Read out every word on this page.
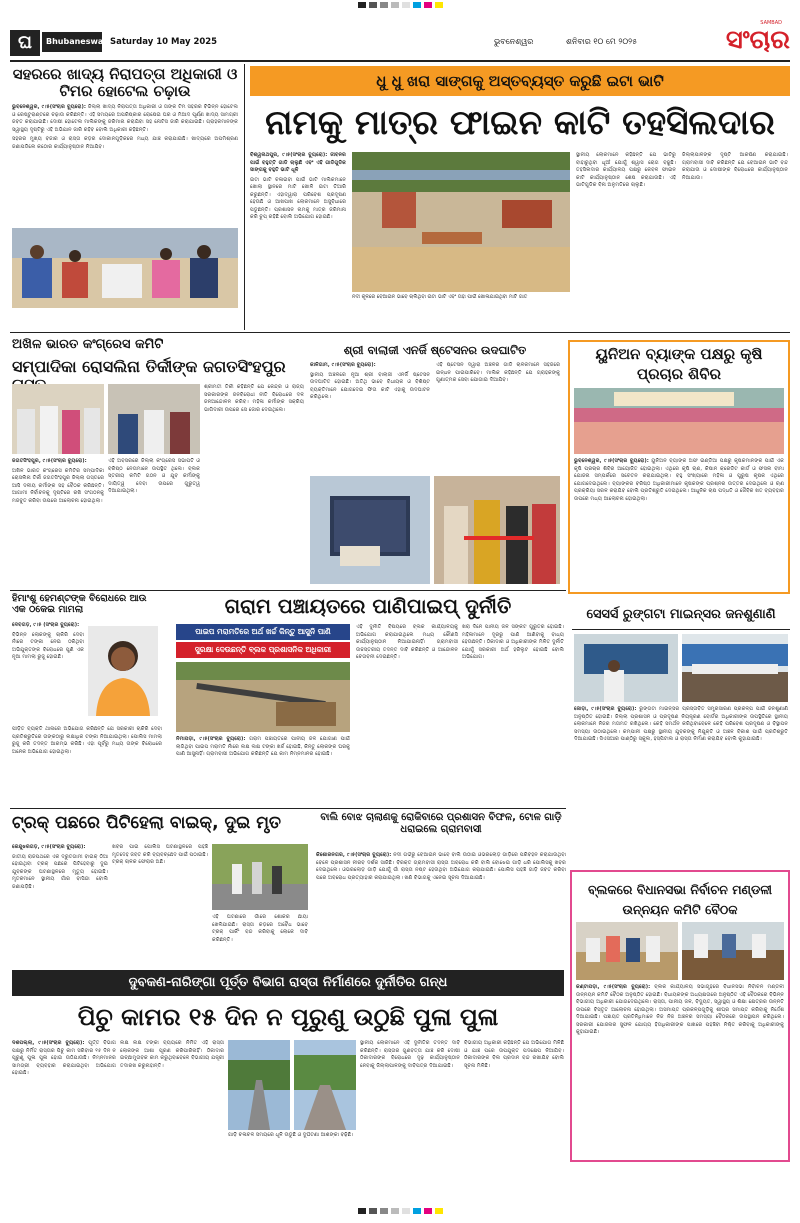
ଘ	Bhubaneswar Saturday 10 May 2025	ଭୁବନେଶ୍ୱର	ଶନିବାର ୧୦ ମେ ୨୦୨୫
SAMBAD
ସଂଚାର
ସହରରେ ଖାଦ୍ୟ ନିରାପତ୍ତା ଅଧିକାରୀ ଓ ଟିମର ହୋଟେଲ ଚଢ଼ାଉ

ଭୁବନେଶ୍ୱର, ୯।୫(ସଂଚାର ବ୍ୟୁରୋ): ଜିଲ୍ଲା ଖାଦ୍ୟ ନିରାପତ୍ତା ଅଧିକାରୀ ଓ ତାଙ୍କ ଟିମ ସହରର ବିଭିନ୍ନ ହୋଟେଲ ଓ ରେଷ୍ଟୁରାଣ୍ଟରେ ଚଢ଼ାଉ କରିଛନ୍ତି। ଏହି ସମୟରେ ଅପରିଷ୍କାର ରୋଷେଇ ଘର ଓ ମିଆଦ ପୂର୍ଣ୍ଣ ଖାଦ୍ୟ ସାମଗ୍ରୀ ଜବତ କରାଯାଇଛି। ଦୋଷୀ ହୋଟେଲ ମାଲିକଙ୍କୁ ଜରିମାନା କରାଯିବା ସହ ନୋଟିସ ଜାରି କରାଯାଇଛି। ଗ୍ରାହକମାନଙ୍କ ସ୍ୱାସ୍ଥ୍ୟ ଦୃଷ୍ଟିରୁ ଏହି ଅଭିଯାନ ଜାରି ରହିବ ବୋଲି ଅଧିକାରୀ କହିଛନ୍ତି।

ସହରର ମୁଖ୍ୟ ବଜାର ଓ ରାସ୍ତା କଡ଼ର ଦୋକାନଗୁଡ଼ିକରେ ମଧ୍ୟ ଯାଞ୍ଚ କରାଯାଇଛି। ଖାଦ୍ୟରେ ଅପମିଶ୍ରଣ ଜଣାପଡିଲେ କଠୋର କାର୍ଯ୍ୟାନୁଷ୍ଠାନ ନିଆଯିବ।

ଧୁ ଧୁ ଖରା ସାଙ୍ଗକୁ ଅସ୍ତବ୍ୟସ୍ତ କରୁଛି ଇଟା ଭାଟି
ନାମକୁ ମାତ୍ର ଫାଇନ କାଟି ତହସିଲଦାର

ବିଶ୍ୱନାଥପୁର, ୯।୫(ସଂଚାର ବ୍ୟୁରୋ): ଜୀବନର ପାଇଁ ବହୁତ୍ତି ଗାଡି ଚାଲୁଛି ଏବଂ ଏହି ଗାଡିଗୁଡିକ ସାଙ୍ଗକୁ ବହୁତି ଭାଟି ଧୂଳି

ଇଟା ଭାଟି ଚଳାଇବା ପାଇଁ ଭାଟି ମାଲିକମାନେ ଖୋଲା ସ୍ଥାନରେ ମାଟି ଖୋଳି ଇଟା ତିଆରି କରୁଛନ୍ତି। ଏହାଦ୍ୱାରା ପରିବେଶ ପ୍ରଦୂଷଣ ହେଉଛି ଓ ଆଖପାଖ ଲୋକମାନେ ଅସୁବିଧାରେ ପଡୁଛନ୍ତି। ପ୍ରଶାସନ ନାମକୁ ମାତ୍ର ଜରିମାନା କରି ଚୁପ୍ ରହିଛି ବୋଲି ଅଭିଯୋଗ ହୋଇଛି।

ନଦୀ କୂଳରେ ବେଆଇନ ଭାବେ ଚାଲିଥିବା ଇଟା ଭାଟି ଏବଂ ତାହା ପାଇଁ ଖୋଳାଯାଇଥିବା ମାଟି ଗାତ
ସ୍ଥାନୀୟ ଲୋକମାନେ କହିଛନ୍ତି ଯେ ଭାଟିରୁ ବାହାରୁଥିବା ଧୂଆଁ ଯୋଗୁଁ ଶ୍ୱାସ ରୋଗ ବଢୁଛି। ତହସିଲଦାର କାର୍ଯ୍ୟାଳୟ ପକ୍ଷରୁ କେବଳ ଫାଇନ କାଟି କାର୍ଯ୍ୟାନୁଷ୍ଠାନ ଶେଷ କରାଯାଉଛି। ଏହି ଭାଟିଗୁଡିକ ବିନା ଅନୁମତିରେ ଚାଲୁଛି।
ଜିଲ୍ଲାପାଳଙ୍କ ଦୃଷ୍ଟି ଆକର୍ଷଣ କରାଯାଇଛି। ଗ୍ରାମବାସୀ ଦାବି କରିଛନ୍ତି ଯେ ବେଆଇନ ଭାଟି ବନ୍ଦ କରାଯାଉ ଓ ଦୋଷୀଙ୍କ ବିରୋଧରେ କାର୍ଯ୍ୟାନୁଷ୍ଠାନ ନିଆଯାଉ।
ଅଖିଳ ଭାରତ କଂଗ୍ରେସ କମିଟି
ସମ୍ପାଦିକା ରୋସଲିନା ତିର୍କୀଙ୍କ ଜଗତସିଂହପୁର

ଜଗତସିଂହପୁର, ୯।୫(ସଂଚାର ବ୍ୟୁରୋ):

ଅଖିଳ ଭାରତ କଂଗ୍ରେସ କମିଟିର ସମ୍ପାଦିକା ରୋସଲିନା ତିର୍କୀ ଜଗତସିଂହପୁର ଜିଲ୍ଲା ଗସ୍ତରେ ଆସି ଦଳୀୟ କର୍ମୀଙ୍କ ସହ ବୈଠକ କରିଛନ୍ତି। ଆଗାମୀ ନିର୍ବାଚନକୁ ଦୃଷ୍ଟିରେ ରଖି ସଂଗଠନକୁ ମଜବୁତ କରିବା ଉପରେ ଆଲୋଚନା ହୋଇଥିଲା।

ଏହି ଅବସରରେ ଜିଲ୍ଲା କଂଗ୍ରେସ ସଭାପତି ଓ ବରିଷ୍ଠ ନେତାମାନେ ଉପସ୍ଥିତ ଥିଲେ। ବ୍ଲକ ସ୍ତରୀୟ କମିଟି ଗଠନ ଓ ଯୁବ କର୍ମୀଙ୍କୁ ଦାୟିତ୍ୱ ଦେବା ଉପରେ ଗୁରୁତ୍ୱ ଦିଆଯାଇଥିଲା।
ଶ୍ରୀମତୀ ତିର୍କୀ କହିଛନ୍ତି ଯେ କେନ୍ଦ୍ର ଓ ରାଜ୍ୟ ସରକାରଙ୍କ ଜନବିରୋଧୀ ନୀତି ବିରୋଧରେ ଦଳ ଜନଆନ୍ଦୋଳନ କରିବ। ମହିଳା କର୍ମୀଙ୍କ ସକ୍ରିୟ ଭାଗିଦାରୀ ଉପରେ ସେ ଜୋର ଦେଇଥିଲେ।
ଶ୍ରୀ ବାଲାଜୀ ଏନର୍ଜି ଷ୍ଟେସନର ଉଦଘାଟିତ

କାଳିଗାମ, ୯।୫(ସଂଚାର ବ୍ୟୁରୋ):

ସ୍ଥାନୀୟ ଅଞ୍ଚଳରେ ନୂଆ ଶ୍ରୀ ବାଲାଜୀ ଏନର୍ଜି ଷ୍ଟେସନ ଉଦଘାଟିତ ହୋଇଛି। ଅତିଥି ଭାବେ ବିଧାୟକ ଓ ବିଶିଷ୍ଟ ବ୍ୟକ୍ତିମାନେ ଯୋଗଦେଇ ଫିତା କାଟି ଏହାକୁ ଉଦଘାଟନ କରିଥିଲେ।

ଏହି ଷ୍ଟେସନ ଦ୍ୱାରା ଅଞ୍ଚଳର ଗାଡି ଚାଳକମାନେ ସହଜରେ ଇନ୍ଧନ ପାଇପାରିବେ। ମାଲିକ କହିଛନ୍ତି ଯେ ଗ୍ରାହକଙ୍କୁ ଗୁଣାତ୍ମକ ସେବା ଯୋଗାଇ ଦିଆଯିବ।
ୟୁନିଅନ ବ୍ୟାଙ୍କ ପକ୍ଷରୁ କୃଷି ପ୍ରଚାର ଶିବିର

ଭୁବନେଶ୍ୱର, ୯।୫(ସଂଚାର ବ୍ୟୁରୋ): ୟୁନିଅନ ବ୍ୟାଙ୍କ ଅଫ ଇଣ୍ଡିଆ ପକ୍ଷରୁ କୃଷକମାନଙ୍କ ପାଇଁ ଏକ କୃଷି ପ୍ରଚାର ଶିବିର ଆୟୋଜିତ ହୋଇଥିଲା। ଏଥିରେ କୃଷି ଋଣ, କିଷାନ କ୍ରେଡିଟ କାର୍ଡ ଓ ଫସଲ ବୀମା ଯୋଜନା ସମ୍ପର୍କରେ ସଚେତନ କରାଯାଇଥିଲା। ବହୁ ସଂଖ୍ୟାରେ ମହିଳା ଓ ପୁରୁଷ କୃଷକ ଏଥିରେ ଯୋଗଦେଇଥିଲେ। ବ୍ୟାଙ୍କର ବରିଷ୍ଠ ଅଧିକାରୀମାନେ କୃଷକଙ୍କ ପ୍ରଶ୍ନର ଉତ୍ତର ଦେଇଥିଲେ ଓ ଋଣ ପ୍ରକ୍ରିୟା ସରଳ କରାଯିବ ବୋଲି ପ୍ରତିଶ୍ରୁତି ଦେଇଥିଲେ। ଆଧୁନିକ ଚାଷ ପଦ୍ଧତି ଓ ଜୈବିକ ଖତ ବ୍ୟବହାର ଉପରେ ମଧ୍ୟ ଆଲୋଚନା ହୋଇଥିଲା।

ହିମାଂଶୁ ହେମଣ୍ଟଙ୍କ ବିରୋଧରେ ଆଉ ଏକ ଠକେଇ ମାମଲା

ଦେବଗଡ଼, ୯।୫ (ସଂଚାର ବ୍ୟୁରୋ):

ବିଭିନ୍ନ ଲୋକଙ୍କୁ ଚାକିରି ଦେବା ନାଁରେ ଟଙ୍କା ନେଇ ଠକିଥିବା ଅଭିଯୁକ୍ତଙ୍କ ବିରୋଧରେ ପୁଣି ଏକ ନୂଆ ମାମଲା ରୁଜୁ ହୋଇଛି।

ପୀଡ଼ିତ ବ୍ୟକ୍ତି ଥାନାରେ ଅଭିଯୋଗ କରିଛନ୍ତି ଯେ ସରକାରୀ ଚାକିରି ଦେବା ପ୍ରତିଶ୍ରୁତିରେ ତାଙ୍କଠାରୁ ଲକ୍ଷାଧିକ ଟଙ୍କା ନିଆଯାଇଥିଲା। ପୋଲିସ ମାମଲା ରୁଜୁ କରି ତଦନ୍ତ ଆରମ୍ଭ କରିଛି। ଏହା ପୂର୍ବରୁ ମଧ୍ୟ ତାଙ୍କ ବିରୋଧରେ ଅନେକ ଅଭିଯୋଗ ହୋଇଥିଲା।
ଗରାମ ପଞ୍ଚାୟତରେ ପାଣିପାଇପ୍ ଦୁର୍ନୀତି
ପାଇପ ମରାମତିରେ ଅର୍ଥ ଖର୍ଚ୍ଚ କିନ୍ତୁ ଆସୁନି ପାଣି
ସୁରକ୍ଷା ଦେଉଛନ୍ତି ବ୍ଲକ ପ୍ରଶାସନିକ ଅଧିକାରୀ

ନିମାପଡ଼ା, ୯।୫(ସଂଚାର ବ୍ୟୁରୋ): ଗରାମ ପଞ୍ଚାୟତରେ ପାନୀୟ ଜଳ ଯୋଗାଣ ପାଇଁ ଲାଗିଥିବା ପାଇପ ମରାମତି ନାଁରେ ଲକ୍ଷ ଲକ୍ଷ ଟଙ୍କା ଖର୍ଚ୍ଚ ହୋଇଛି, କିନ୍ତୁ ଲୋକଙ୍କ ଘରକୁ ପାଣି ଆସୁନାହିଁ। ଗ୍ରାମବାସୀ ଅଭିଯୋଗ କରିଛନ୍ତି ଯେ କାମ ନିମ୍ନମାନର ହୋଇଛି।

ଏହି ଦୁର୍ନୀତି ବିଷୟରେ ବ୍ଲକ କାର୍ଯ୍ୟାଳୟକୁ ଅଭିଯୋଗ କରାଯାଇଥିଲେ ମଧ୍ୟ କୌଣସି କାର୍ଯ୍ୟାନୁଷ୍ଠାନ ନିଆଯାଇନାହିଁ। ଗ୍ରାମବାସୀ ଉଚ୍ଚସ୍ତରୀୟ ତଦନ୍ତ ଦାବି କରିଛନ୍ତି ଓ ଆନ୍ଦୋଳନ ଚେତାବନୀ ଦେଇଛନ୍ତି।
ଖରା ଦିନେ ପାନୀୟ ଜଳ ସଙ୍କଟ ଗୁରୁତର ହୋଇଛି। ମହିଳାମାନେ ଦୂରରୁ ପାଣି ଆଣିବାକୁ ବାଧ୍ୟ ହେଉଛନ୍ତି। ଠିକାଦାର ଓ ଅଧିକାରୀଙ୍କ ମିଳିତ ଦୁର୍ନୀତି ଯୋଗୁଁ ସରକାରୀ ଅର୍ଥ ହରିଲୁଟ ହୋଇଛି ବୋଲି ଅଭିଯୋଗ।
ସେସର୍ସ ରୁଙ୍ଗଟା ମାଇନ୍ସର ଜନଶୁଣାଣି

ଜୋଡ଼ା, ୯।୫(ସଂଚାର ବ୍ୟୁରୋ): ରୁଙ୍ଗଟା ମାଇନ୍ସର ପ୍ରସ୍ତାବିତ ସମ୍ପ୍ରସାରଣ ପ୍ରକଳ୍ପ ପାଇଁ ଜନଶୁଣାଣି ଅନୁଷ୍ଠିତ ହୋଇଛି। ଜିଲ୍ଲା ପ୍ରଶାସନ ଓ ପ୍ରଦୂଷଣ ନିୟନ୍ତ୍ରଣ ବୋର୍ଡର ଅଧିକାରୀଙ୍କ ଉପସ୍ଥିତିରେ ସ୍ଥାନୀୟ ଲୋକମାନେ ନିଜର ମତାମତ ରଖିଥିଲେ। କେହି ସମର୍ଥନ କରିଥିବାବେଳେ କେହି ପରିବେଶ ପ୍ରଦୂଷଣ ଓ ବିସ୍ଥାପନ ସମସ୍ୟା ଉଠାଇଥିଲେ। କମ୍ପାନୀ ପକ୍ଷରୁ ସ୍ଥାନୀୟ ଯୁବକଙ୍କୁ ନିଯୁକ୍ତି ଓ ଅଞ୍ଚଳ ବିକାଶ ପାଇଁ ପ୍ରତିଶ୍ରୁତି ଦିଆଯାଇଛି। ସିଏସଆର ପାଣ୍ଠିରୁ ସ୍କୁଲ, ହସ୍ପିଟାଲ ଓ ରାସ୍ତା ନିର୍ମାଣ କରାଯିବ ବୋଲି କୁହାଯାଇଛି।

ଟ୍ରକ୍ ପଛରେ ପିଟିହେଲା ବାଇକ୍, ଦୁଇ ମୃତ

କେନ୍ଦୁଝରଗଡ଼, ୯।୫(ସଂଚାର ବ୍ୟୁରୋ):

ଜାତୀୟ ରାଜପଥରେ ଏକ ଦ୍ରୁତଗାମୀ ବାଇକ୍ ଠିଆ ହୋଇଥିବା ଟ୍ରକ୍ ପଛରେ ପିଟିହେବାରୁ ଦୁଇ ଯୁବକଙ୍କ ଘଟଣାସ୍ଥଳରେ ମୃତ୍ୟୁ ହୋଇଛି। ମୃତକମାନେ ସ୍ଥାନୀୟ ଗାଁର ବାସିନ୍ଦା ବୋଲି ଜଣାପଡ଼ିଛି।

ଖବର ପାଇ ପୋଲିସ ଘଟଣାସ୍ଥଳରେ ପହଞ୍ଚି ମୃତଦେହ ଜବତ କରି ବ୍ୟବଚ୍ଛେଦ ପାଇଁ ପଠାଇଛି। ଟ୍ରକ୍ ଚାଳକ ଫେରାର ଅଛି।
ଏହି ଘଟଣାରେ ଗାଁରେ ଶୋକର ଛାୟା ଖେଳିଯାଇଛି। ରାସ୍ତା କଡ଼ରେ ଅବୈଧ ଭାବେ ଟ୍ରକ୍ ପାର୍କିଂ ବନ୍ଦ କରିବାକୁ ଲୋକେ ଦାବି କରିଛନ୍ତି।
ବାଲି ବୋଝ ଚାଲାଣକୁ ରୋକିବାରେ ପ୍ରଶାସନ ବିଫଳ, ଟୋଳ ଗାଡ଼ି ଧରାଇଲେ ଗ୍ରାମବାସୀ

କିଶୋରନଗର, ୯।୫(ସଂଚାର ବ୍ୟୁରୋ): ନଦୀ ଗର୍ଭରୁ ବେଆଇନ ଭାବେ ବାଲି ଉଠାଇ ଓଭରଲୋଡ଼ ଗାଡ଼ିରେ ପରିବହନ କରାଯାଉଥିବା ବେଳେ ପ୍ରଶାସନ ନୀରବ ଦର୍ଶକ ସାଜିଛି। ବିରକ୍ତ ଗ୍ରାମବାସୀ ରାସ୍ତା ଅବରୋଧ କରି ବାଲି ବୋଝେଇ ଗାଡ଼ି ଧରି ପୋଲିସକୁ ଖବର ଦେଇଥିଲେ। ଓଭରଲୋଡ଼ ଗାଡ଼ି ଯୋଗୁଁ ଗାଁ ରାସ୍ତା ନଷ୍ଟ ହେଉଥିବା ଅଭିଯୋଗ କରାଯାଇଛି। ପୋଲିସ ପହଞ୍ଚି ଗାଡ଼ି ଜବତ କରିବା ପରେ ଅବରୋଧ ପ୍ରତ୍ୟାହାର କରାଯାଇଥିଲା। ଖଣି ବିଭାଗକୁ ଏନେଇ ସୂଚନା ଦିଆଯାଇଛି।

ବ୍ଲକରେ ବିଧାନସଭା ନିର୍ବାଚନ ମଣ୍ଡଳୀ ଉନ୍ନୟନ କମିଟି ବୈଠକ

କଣ୍ଟାପଡ଼ା, ୯।୫(ସଂଚାର ବ୍ୟୁରୋ): ବ୍ଲକ କାର୍ଯ୍ୟାଳୟ ସଭାଗୃହରେ ବିଧାନସଭା ନିର୍ବାଚନ ମଣ୍ଡଳୀ ଉନ୍ନୟନ କମିଟି ବୈଠକ ଅନୁଷ୍ଠିତ ହୋଇଛି। ବିଧାୟକଙ୍କ ଅଧ୍ୟକ୍ଷତାରେ ଅନୁଷ୍ଠିତ ଏହି ବୈଠକରେ ବିଭିନ୍ନ ବିଭାଗୀୟ ଅଧିକାରୀ ଯୋଗଦେଇଥିଲେ। ରାସ୍ତା, ପାନୀୟ ଜଳ, ବିଦ୍ୟୁତ, ସ୍ୱାସ୍ଥ୍ୟ ଓ ଶିକ୍ଷା କ୍ଷେତ୍ରର ଉନ୍ନତି ଉପରେ ବିସ୍ତୃତ ଆଲୋଚନା ହୋଇଥିଲା। ଅସମାପ୍ତ ପ୍ରକଳ୍ପଗୁଡ଼ିକୁ ଶୀଘ୍ର ସମାପ୍ତ କରିବାକୁ ନିର୍ଦ୍ଦେଶ ଦିଆଯାଇଛି। ପଞ୍ଚାୟତ ପ୍ରତିନିଧିମାନେ ନିଜ ନିଜ ଅଞ୍ଚଳର ସମସ୍ୟା ବୈଠକରେ ଉପସ୍ଥାପନ କରିଥିଲେ। ସରକାରୀ ଯୋଜନାର ସୁଫଳ ଯୋଗ୍ୟ ହିତାଧିକାରୀଙ୍କ ପାଖରେ ପହଞ୍ଚିବା ନିଶ୍ଚିତ କରିବାକୁ ଅଧିକାରୀଙ୍କୁ କୁହାଯାଇଛି।

ଦୁବକଣ-ନାରିଙ୍ଗା ପୂର୍ତ୍ତ ବିଭାଗ ରାସ୍ତା ନିର୍ମାଣରେ ଦୁର୍ନୀତିର ଗନ୍ଧ
ପିଚୁ କାମର ୧୫ ଦିନ ନ ପୂରୁଣୁ ଉଠୁଛି ପୁଳା ପୁଳା

ଦଶପଲ୍ଲା, ୯।୫(ସଂଚାର ବ୍ୟୁରୋ): ପୂର୍ତ୍ତ ବିଭାଗ ପକ୍ଷରୁ ନିର୍ମିତ ରାସ୍ତାର ପିଚୁ କାମ ସରିବାର ୧୫ ଦିନ ନ ପୂରୁଣୁ ପୁଳା ପୁଳା ହୋଇ ଉଠିଯାଉଛି। ନିମ୍ନମାନର ସାମଗ୍ରୀ ବ୍ୟବହାର କରାଯାଇଥିବା ଅଭିଯୋଗ ହୋଇଛି।

ଲକ୍ଷ ଲକ୍ଷ ଟଙ୍କା ବ୍ୟୟରେ ନିର୍ମିତ ଏହି ରାସ୍ତା ଲୋକଙ୍କ ଆଶା ପୂରଣ କରିପାରିନାହିଁ। ଠିକାଦାର ଇଚ୍ଛାମୁତାବକ କାମ କରୁଥିବାବେଳେ ବିଭାଗୀୟ ଯନ୍ତ୍ରୀ ତଦାରଖ କରୁନାହାନ୍ତି।
ଗାଡ଼ି ଚଳାଚଳ ସମୟରେ ଧୂଳି ଉଡୁଛି ଓ ଦୁର୍ଘଟଣା ଆଶଙ୍କା ବଢ଼ିଛି।
ସ୍ଥାନୀୟ ଲୋକମାନେ ଏହି ଦୁର୍ନୀତିର ତଦନ୍ତ ଦାବି କରିଛନ୍ତି। ରାସ୍ତାର ଗୁଣବତ୍ତା ଯାଞ୍ଚ କରି ଦୋଷୀ ଠିକାଦାରଙ୍କ ବିରୋଧରେ ଦୃଢ଼ କାର୍ଯ୍ୟାନୁଷ୍ଠାନ ନେବାକୁ ଜିଲ୍ଲାପାଳଙ୍କୁ ଦାବିପତ୍ର ଦିଆଯାଇଛି।
ବିଭାଗୀୟ ଅଧିକାରୀ କହିଛନ୍ତି ଯେ ଅଭିଯୋଗ ମିଳିଛି ଓ ଯାଞ୍ଚ ପରେ ଉପଯୁକ୍ତ ପଦକ୍ଷେପ ନିଆଯିବ। ଠିକାଦାରଙ୍କ ବିଲ ପ୍ରଦାନ ବନ୍ଦ ରଖାଯିବ ବୋଲି ସୂଚନା ମିଳିଛି।
